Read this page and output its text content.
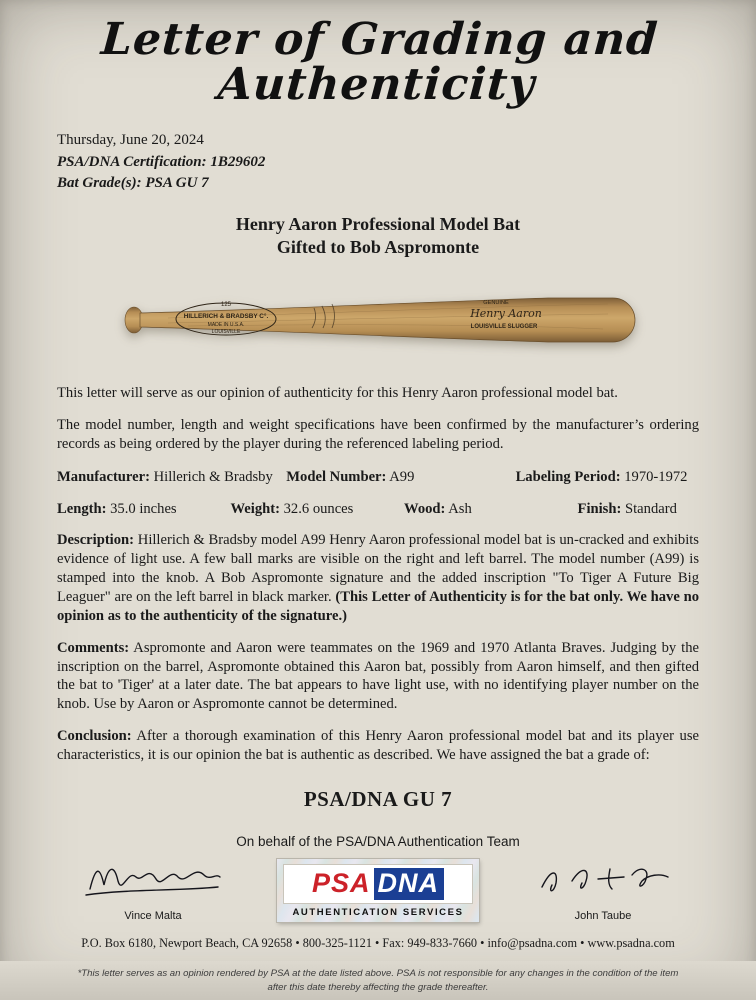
Letter of Grading and
Authenticity
Thursday, June 20, 2024
PSA/DNA Certification: 1B29602
Bat Grade(s): PSA GU 7
Henry Aaron Professional Model Bat
Gifted to Bob Aspromonte
125
HILLERICH & BRADSBY C°.
MADE IN U.S.A.
LOUISVILLE
GENUINE
Henry Aaron
LOUISVILLE SLUGGER

This letter will serve as our opinion of authenticity for this Henry Aaron professional model bat.

The model number, length and weight specifications have been confirmed by the manufacturer’s ordering records as being ordered by the player during the referenced labeling period.

Manufacturer: Hillerich & Bradsby Model Number: A99	Labeling Period: 1970-1972
Length: 35.0 inches	Weight: 32.6 ounces	Wood: Ash	Finish: Standard

Description: Hillerich & Bradsby model A99 Henry Aaron professional model bat is un-cracked and exhibits evidence of light use. A few ball marks are visible on the right and left barrel. The model number (A99) is stamped into the knob. A Bob Aspromonte signature and the added inscription "To Tiger A Future Big Leaguer" are on the left barrel in black marker. (This Letter of Authenticity is for the bat only. We have no opinion as to the authenticity of the signature.)

Comments: Aspromonte and Aaron were teammates on the 1969 and 1970 Atlanta Braves. Judging by the inscription on the barrel, Aspromonte obtained this Aaron bat, possibly from Aaron himself, and then gifted the bat to 'Tiger' at a later date. The bat appears to have light use, with no identifying player number on the knob. Use by Aaron or Aspromonte cannot be determined.

Conclusion: After a thorough examination of this Henry Aaron professional model bat and its player use characteristics, it is our opinion the bat is authentic as described. We have assigned the bat a grade of:

PSA/DNA GU 7
On behalf of the PSA/DNA Authentication Team
Vince Malta
PSA DNA
AUTHENTICATION SERVICES	John Taube
P.O. Box 6180, Newport Beach, CA 92658 • 800-325-1121 • Fax: 949-833-7660 • info@psadna.com • www.psadna.com
*This letter serves as an opinion rendered by PSA at the date listed above. PSA is not responsible for any changes in the condition of the item
after this date thereby affecting the grade thereafter.
